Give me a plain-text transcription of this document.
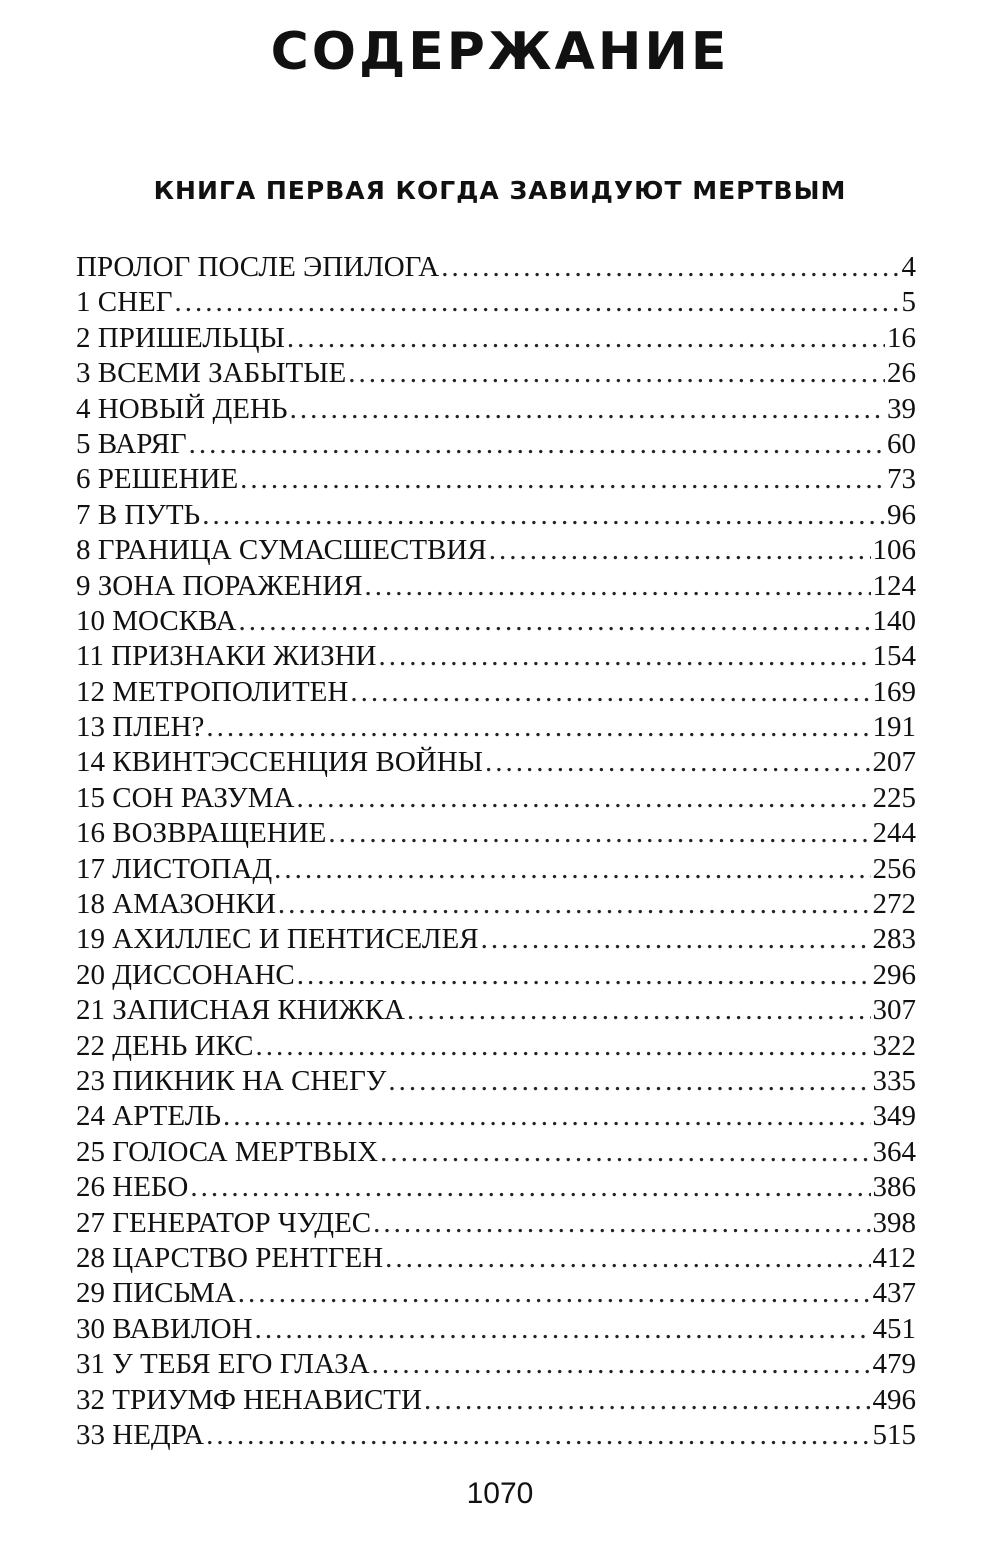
СОДЕРЖАНИЕ
КНИГА ПЕРВАЯ КОГДА ЗАВИДУЮТ МЕРТВЫМ
ПРОЛОГ ПОСЛЕ ЭПИЛОГА .....	4
1 СНЕГ .....	5
2 ПРИШЕЛЬЦЫ .....	16
3 ВСЕМИ ЗАБЫТЫЕ .....	26
4 НОВЫЙ ДЕНЬ .....	39
5 ВАРЯГ .....	60
6 РЕШЕНИЕ .....	73
7 В ПУТЬ .....	96
8 ГРАНИЦА СУМАСШЕСТВИЯ .....	106
9 ЗОНА ПОРАЖЕНИЯ .....	124
10 МОСКВА .....	140
11 ПРИЗНАКИ ЖИЗНИ .....	154
12 МЕТРОПОЛИТЕН .....	169
13 ПЛЕН? .....	191
14 КВИНТЭССЕНЦИЯ ВОЙНЫ .....	207
15 СОН РАЗУМА .....	225
16 ВОЗВРАЩЕНИЕ .....	244
17 ЛИСТОПАД .....	256
18 АМАЗОНКИ .....	272
19 АХИЛЛЕС И ПЕНТИСЕЛЕЯ .....	283
20 ДИССОНАНС .....	296
21 ЗАПИСНАЯ КНИЖКА .....	307
22 ДЕНЬ ИКС .....	322
23 ПИКНИК НА СНЕГУ .....	335
24 АРТЕЛЬ .....	349
25 ГОЛОСА МЕРТВЫХ .....	364
26 НЕБО .....	386
27 ГЕНЕРАТОР ЧУДЕС .....	398
28 ЦАРСТВО РЕНТГЕН .....	412
29 ПИСЬМА .....	437
30 ВАВИЛОН .....	451
31 У ТЕБЯ ЕГО ГЛАЗА .....	479
32 ТРИУМФ НЕНАВИСТИ .....	496
33 НЕДРА .....	515
1070
